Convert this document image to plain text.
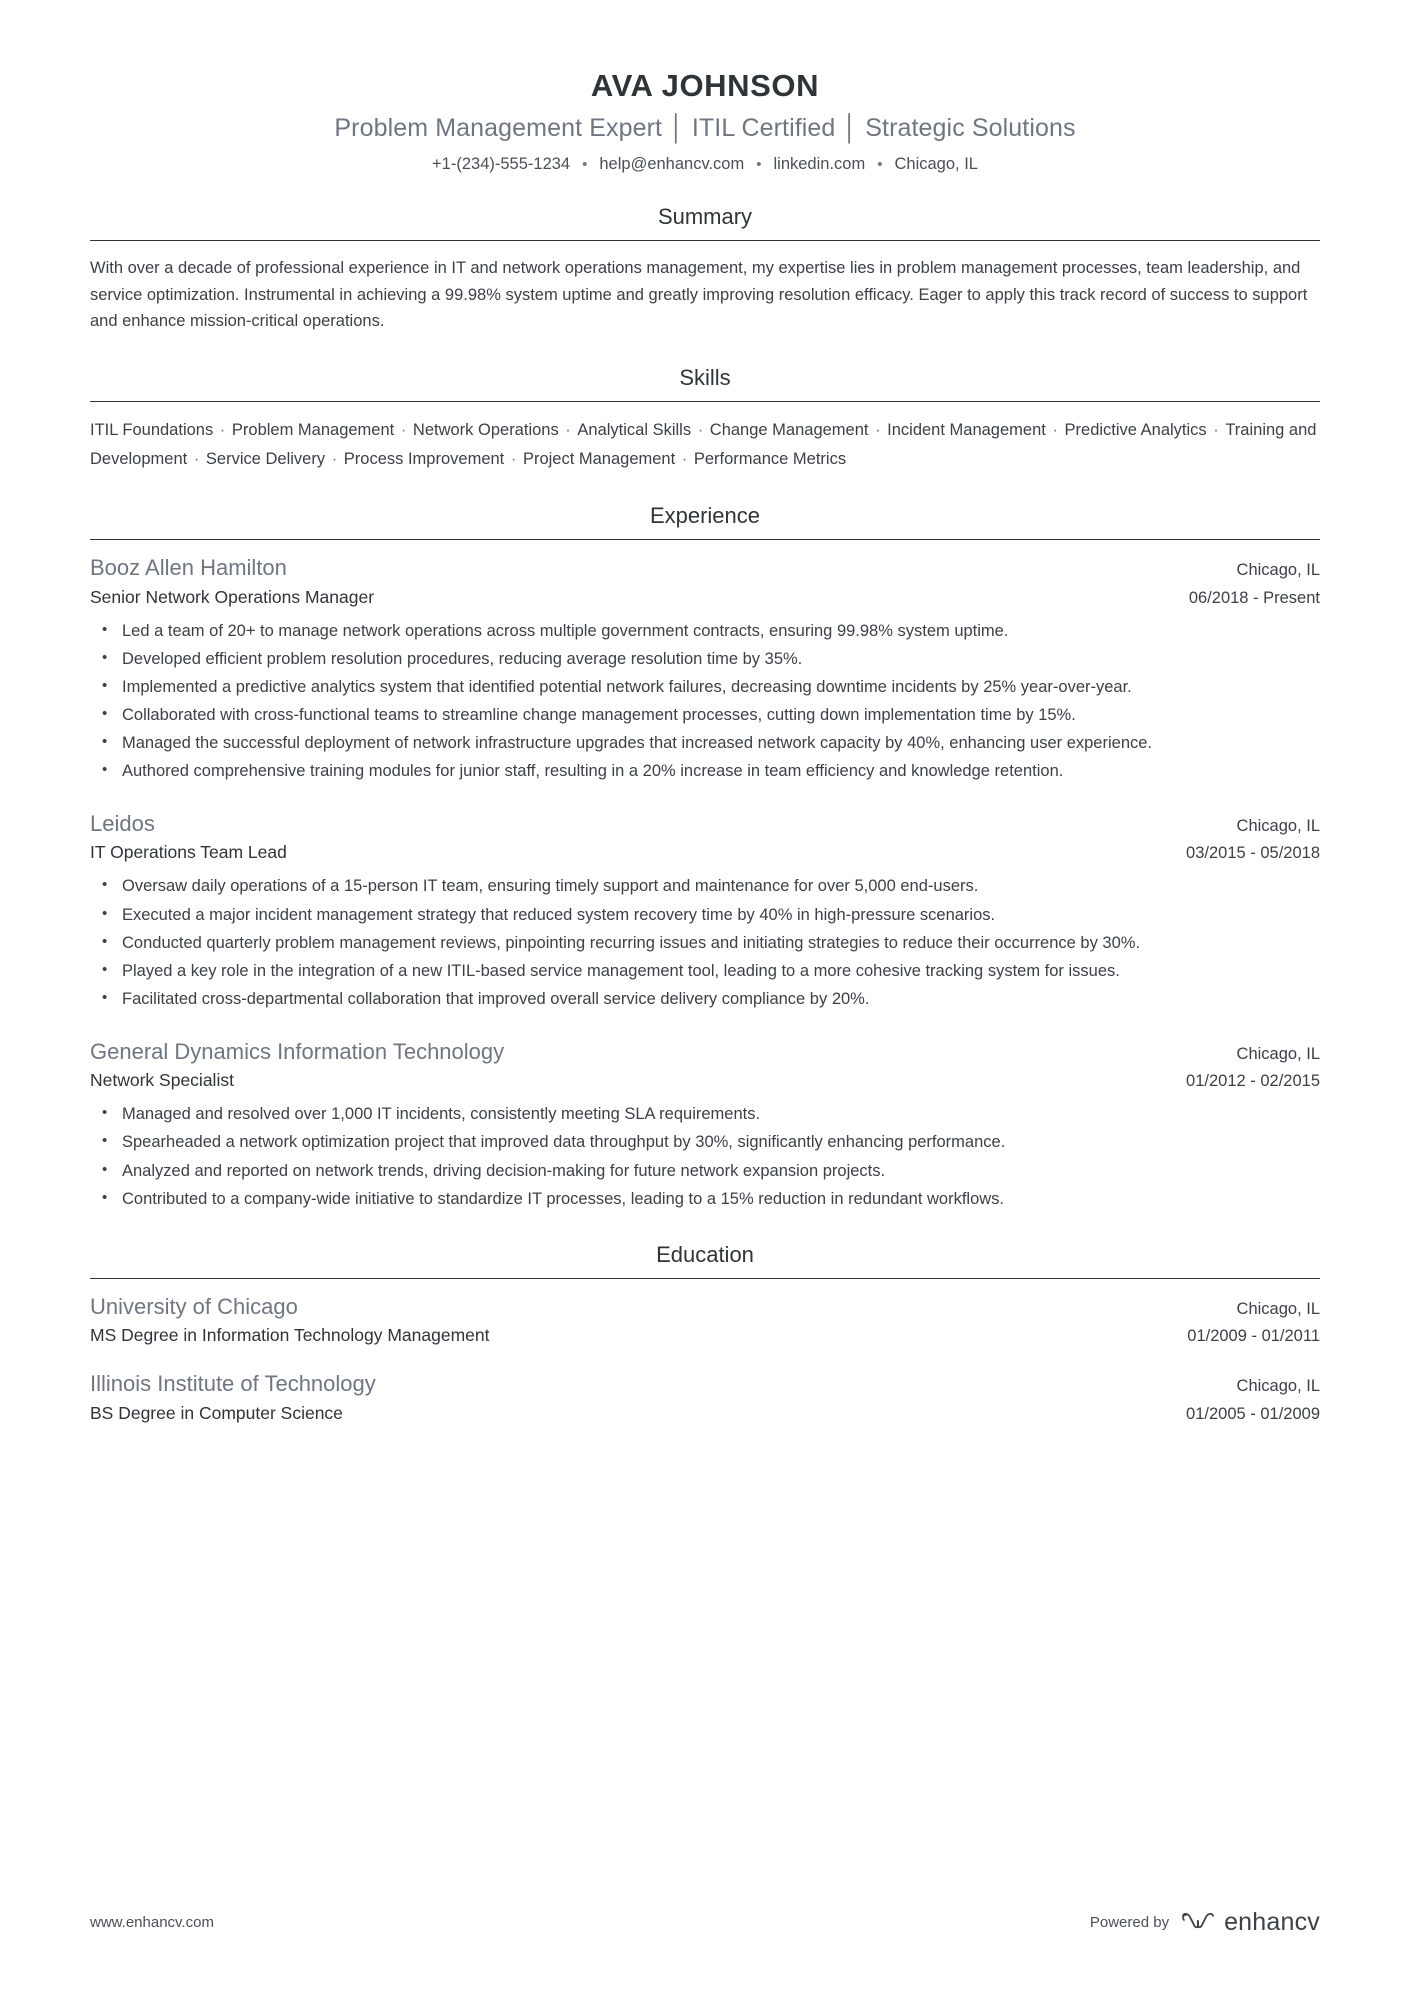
AVA JOHNSON
Problem Management Expert │ ITIL Certified │ Strategic Solutions
+1-(234)-555-1234 • help@enhancv.com • linkedin.com • Chicago, IL
Summary

With over a decade of professional experience in IT and network operations management, my expertise lies in problem management processes, team leadership, and service optimization. Instrumental in achieving a 99.98% system uptime and greatly improving resolution efficacy. Eager to apply this track record of success to support and enhance mission-critical operations.

Skills

ITIL Foundations · Problem Management · Network Operations · Analytical Skills · Change Management · Incident Management · Predictive Analytics · Training and Development · Service Delivery · Process Improvement · Project Management · Performance Metrics

Experience
Booz Allen Hamilton	Chicago, IL
Senior Network Operations Manager	06/2018 - Present
• Led a team of 20+ to manage network operations across multiple government contracts, ensuring 99.98% system uptime.
• Developed efficient problem resolution procedures, reducing average resolution time by 35%.
• Implemented a predictive analytics system that identified potential network failures, decreasing downtime incidents by 25% year-over-year.
• Collaborated with cross-functional teams to streamline change management processes, cutting down implementation time by 15%.
• Managed the successful deployment of network infrastructure upgrades that increased network capacity by 40%, enhancing user experience.
• Authored comprehensive training modules for junior staff, resulting in a 20% increase in team efficiency and knowledge retention.
Leidos	Chicago, IL
IT Operations Team Lead	03/2015 - 05/2018
• Oversaw daily operations of a 15-person IT team, ensuring timely support and maintenance for over 5,000 end-users.
• Executed a major incident management strategy that reduced system recovery time by 40% in high-pressure scenarios.
• Conducted quarterly problem management reviews, pinpointing recurring issues and initiating strategies to reduce their occurrence by 30%.
• Played a key role in the integration of a new ITIL-based service management tool, leading to a more cohesive tracking system for issues.
• Facilitated cross-departmental collaboration that improved overall service delivery compliance by 20%.
General Dynamics Information Technology	Chicago, IL
Network Specialist	01/2012 - 02/2015
• Managed and resolved over 1,000 IT incidents, consistently meeting SLA requirements.
• Spearheaded a network optimization project that improved data throughput by 30%, significantly enhancing performance.
• Analyzed and reported on network trends, driving decision-making for future network expansion projects.
• Contributed to a company-wide initiative to standardize IT processes, leading to a 15% reduction in redundant workflows.
Education
University of Chicago	Chicago, IL
MS Degree in Information Technology Management	01/2009 - 01/2011
Illinois Institute of Technology	Chicago, IL
BS Degree in Computer Science	01/2005 - 01/2009
www.enhancv.com	Powered by enhancv
